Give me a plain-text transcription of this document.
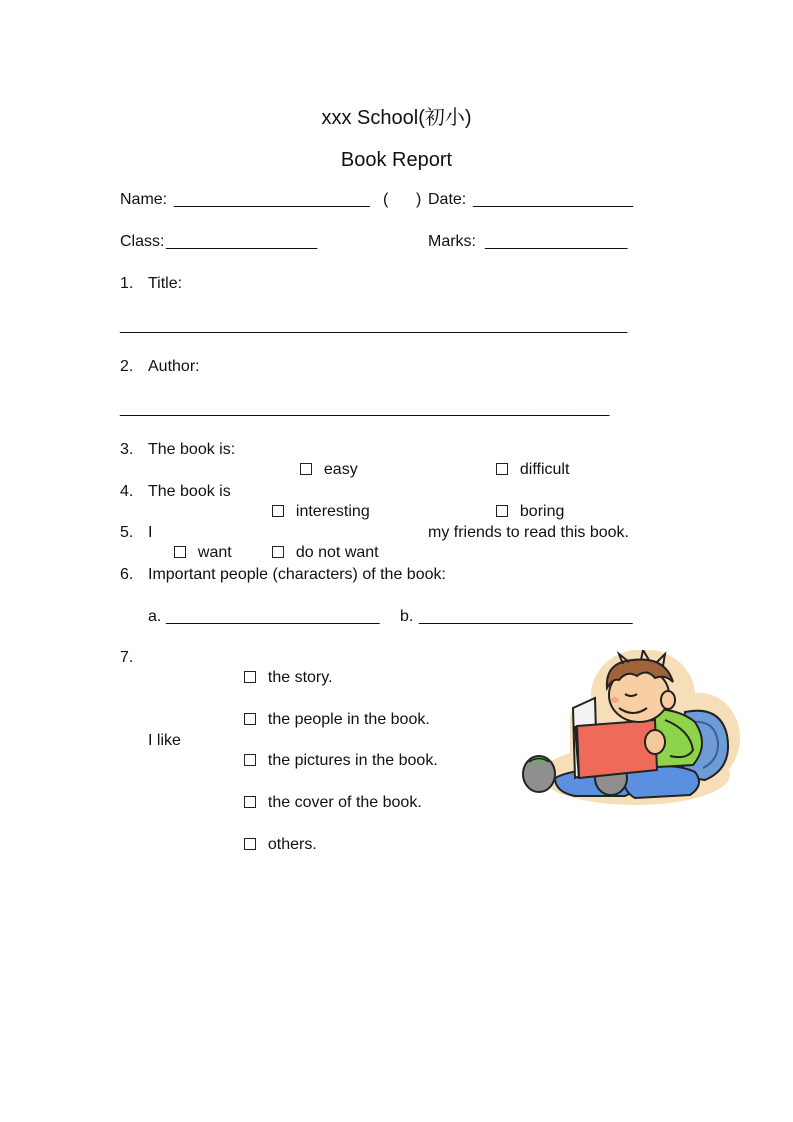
xxx School(初小)
Book Report
Name: ______________________ ( ) Date: __________________
Class: _________________	Marks: ________________
1. Title:
_________________________________________________________
2. Author:
_______________________________________________________
3. The book is:

easy	difficult

4. The book is

interesting	boring

5. I

want	do not want

my friends to read this book.
6. Important people (characters) of the book:
a. ________________________ b. ________________________
7.
I like

the story.

the people in the book.

the pictures in the book.

the cover of the book.

others.
